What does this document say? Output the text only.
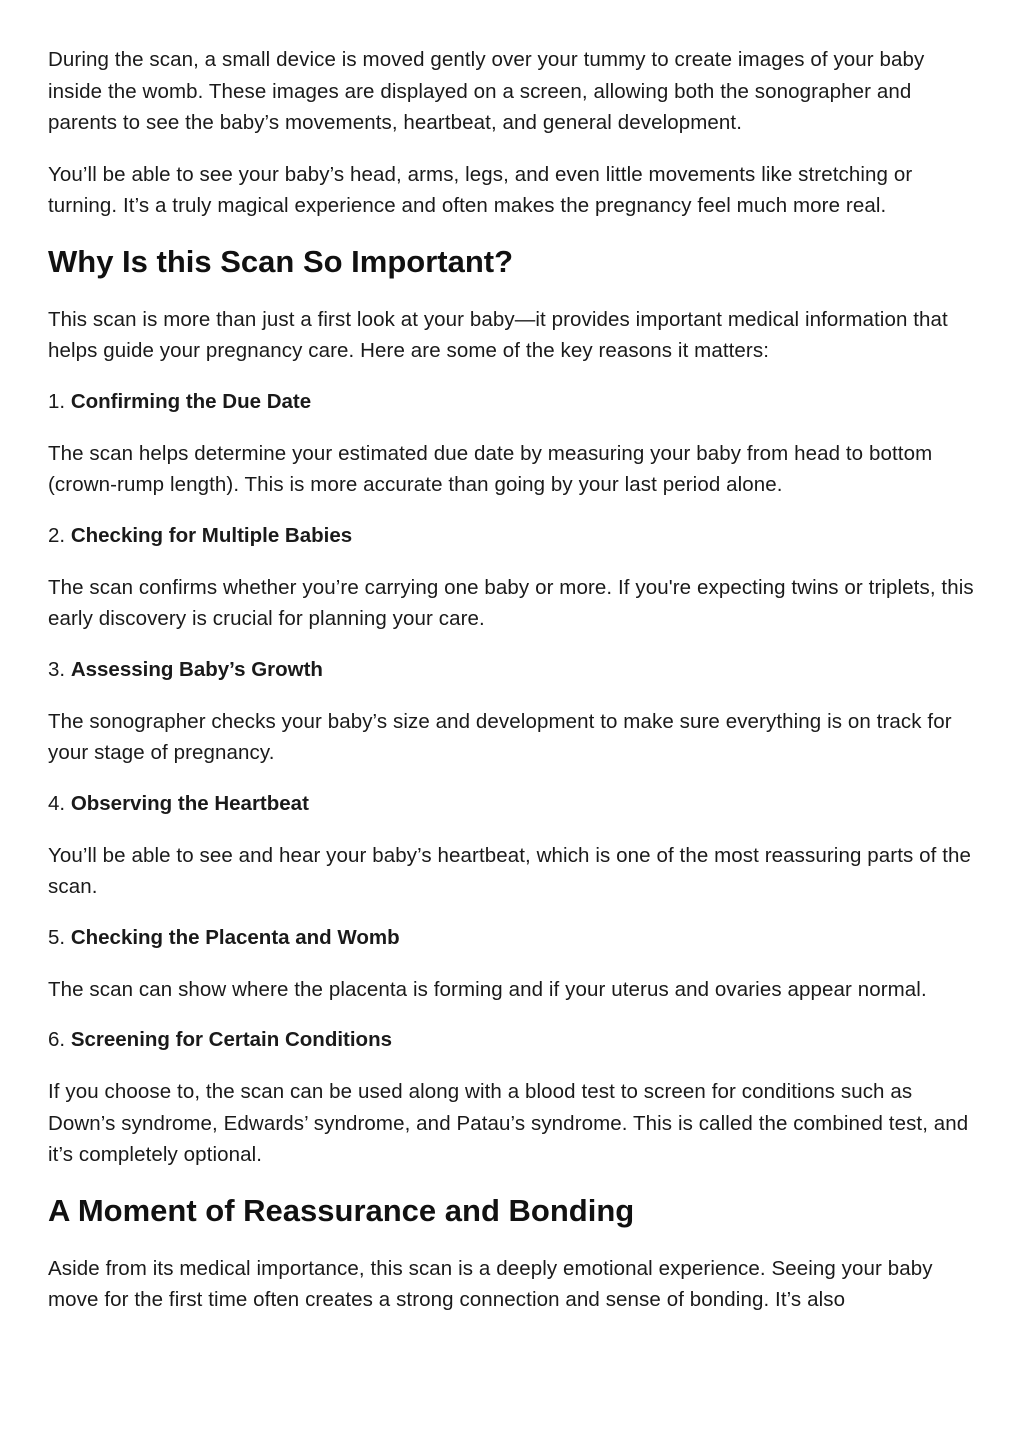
During the scan, a small device is moved gently over your tummy to create images of your baby inside the womb. These images are displayed on a screen, allowing both the sonographer and parents to see the baby’s movements, heartbeat, and general development.

You’ll be able to see your baby’s head, arms, legs, and even little movements like stretching or turning. It’s a truly magical experience and often makes the pregnancy feel much more real.

Why Is this Scan So Important?

This scan is more than just a first look at your baby—it provides important medical information that helps guide your pregnancy care. Here are some of the key reasons it matters:

1. Confirming the Due Date

The scan helps determine your estimated due date by measuring your baby from head to bottom (crown-rump length). This is more accurate than going by your last period alone.

2. Checking for Multiple Babies

The scan confirms whether you’re carrying one baby or more. If you're expecting twins or triplets, this early discovery is crucial for planning your care.

3. Assessing Baby’s Growth

The sonographer checks your baby’s size and development to make sure everything is on track for your stage of pregnancy.

4. Observing the Heartbeat

You’ll be able to see and hear your baby’s heartbeat, which is one of the most reassuring parts of the scan.

5. Checking the Placenta and Womb

The scan can show where the placenta is forming and if your uterus and ovaries appear normal.

6. Screening for Certain Conditions

If you choose to, the scan can be used along with a blood test to screen for conditions such as Down’s syndrome, Edwards’ syndrome, and Patau’s syndrome. This is called the combined test, and it’s completely optional.

A Moment of Reassurance and Bonding

Aside from its medical importance, this scan is a deeply emotional experience. Seeing your baby move for the first time often creates a strong connection and sense of bonding. It’s also
